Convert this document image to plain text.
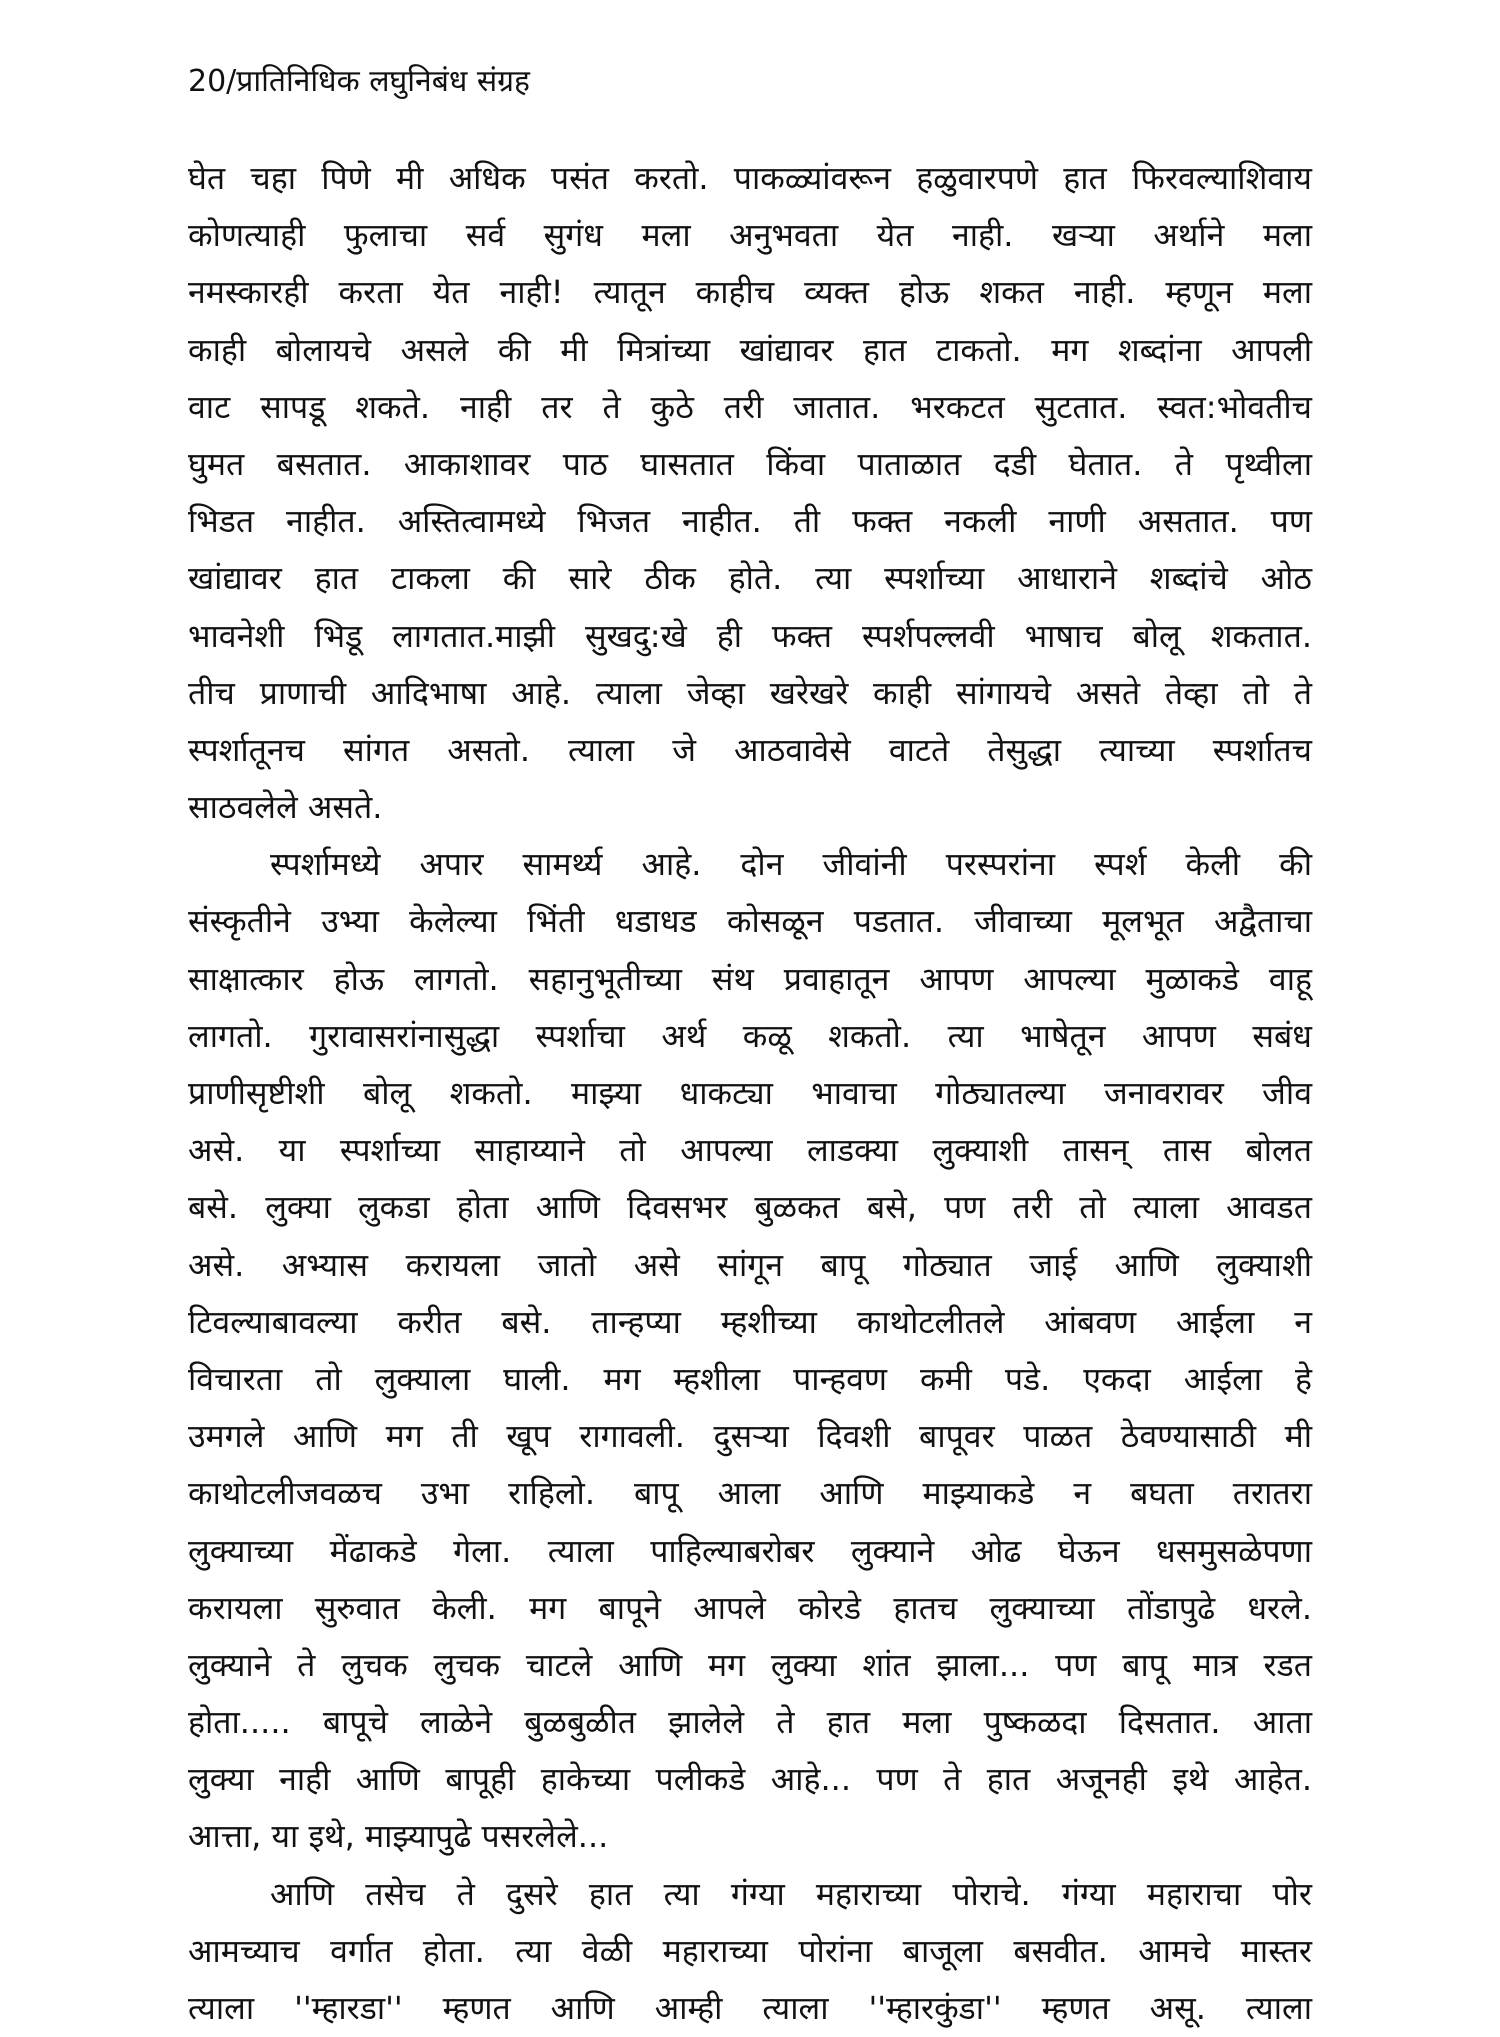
20/प्रातिनिधिक लघुनिबंध संग्रह
घेत चहा पिणे मी अधिक पसंत करतो. पाकळ्यांवरून हळुवारपणे हात फिरवल्याशिवाय
कोणत्याही फुलाचा सर्व सुगंध मला अनुभवता येत नाही. खऱ्या अर्थाने मला
नमस्कारही करता येत नाही! त्यातून काहीच व्यक्त होऊ शकत नाही. म्हणून मला
काही बोलायचे असले की मी मित्रांच्या खांद्यावर हात टाकतो. मग शब्दांना आपली
वाट सापडू शकते. नाही तर ते कुठे तरी जातात. भरकटत सुटतात. स्वत:भोवतीच
घुमत बसतात. आकाशावर पाठ घासतात किंवा पाताळात दडी घेतात. ते पृथ्वीला
भिडत नाहीत. अस्तित्वामध्ये भिजत नाहीत. ती फक्त नकली नाणी असतात. पण
खांद्यावर हात टाकला की सारे ठीक होते. त्या स्पर्शाच्या आधाराने शब्दांचे ओठ
भावनेशी भिडू लागतात.माझी सुखदु:खे ही फक्त स्पर्शपल्लवी भाषाच बोलू शकतात.
तीच प्राणाची आदिभाषा आहे. त्याला जेव्हा खरेखरे काही सांगायचे असते तेव्हा तो ते
स्पर्शातूनच सांगत असतो. त्याला जे आठवावेसे वाटते तेसुद्धा त्याच्या स्पर्शातच
साठवलेले असते.
स्पर्शामध्ये अपार सामर्थ्य आहे. दोन जीवांनी परस्परांना स्पर्श केली की
संस्कृतीने उभ्या केलेल्या भिंती धडाधड कोसळून पडतात. जीवाच्या मूलभूत अद्वैताचा
साक्षात्कार होऊ लागतो. सहानुभूतीच्या संथ प्रवाहातून आपण आपल्या मुळाकडे वाहू
लागतो. गुरावासरांनासुद्धा स्पर्शाचा अर्थ कळू शकतो. त्या भाषेतून आपण सबंध
प्राणीसृष्टीशी बोलू शकतो. माझ्या धाकट्या भावाचा गोठ्यातल्या जनावरावर जीव
असे. या स्पर्शाच्या साहाय्याने तो आपल्या लाडक्या लुक्याशी तासन् तास बोलत
बसे. लुक्या लुकडा होता आणि दिवसभर बुळकत बसे, पण तरी तो त्याला आवडत
असे. अभ्यास करायला जातो असे सांगून बापू गोठ्यात जाई आणि लुक्याशी
टिवल्याबावल्या करीत बसे. तान्हप्या म्हशीच्या काथोटलीतले आंबवण आईला न
विचारता तो लुक्याला घाली. मग म्हशीला पान्हवण कमी पडे. एकदा आईला हे
उमगले आणि मग ती खूप रागावली. दुसऱ्या दिवशी बापूवर पाळत ठेवण्यासाठी मी
काथोटलीजवळच उभा राहिलो. बापू आला आणि माझ्याकडे न बघता तरातरा
लुक्याच्या मेंढाकडे गेला. त्याला पाहिल्याबरोबर लुक्याने ओढ घेऊन धसमुसळेपणा
करायला सुरुवात केली. मग बापूने आपले कोरडे हातच लुक्याच्या तोंडापुढे धरले.
लुक्याने ते लुचक लुचक चाटले आणि मग लुक्या शांत झाला... पण बापू मात्र रडत
होता..... बापूचे लाळेने बुळबुळीत झालेले ते हात मला पुष्कळदा दिसतात. आता
लुक्या नाही आणि बापूही हाकेच्या पलीकडे आहे... पण ते हात अजूनही इथे आहेत.
आत्ता, या इथे, माझ्यापुढे पसरलेले...
आणि तसेच ते दुसरे हात त्या गंग्या महाराच्या पोराचे. गंग्या महाराचा पोर
आमच्याच वर्गात होता. त्या वेळी महाराच्या पोरांना बाजूला बसवीत. आमचे मास्तर
त्याला ''म्हारडा'' म्हणत आणि आम्ही त्याला ''म्हारकुंडा'' म्हणत असू. त्याला
